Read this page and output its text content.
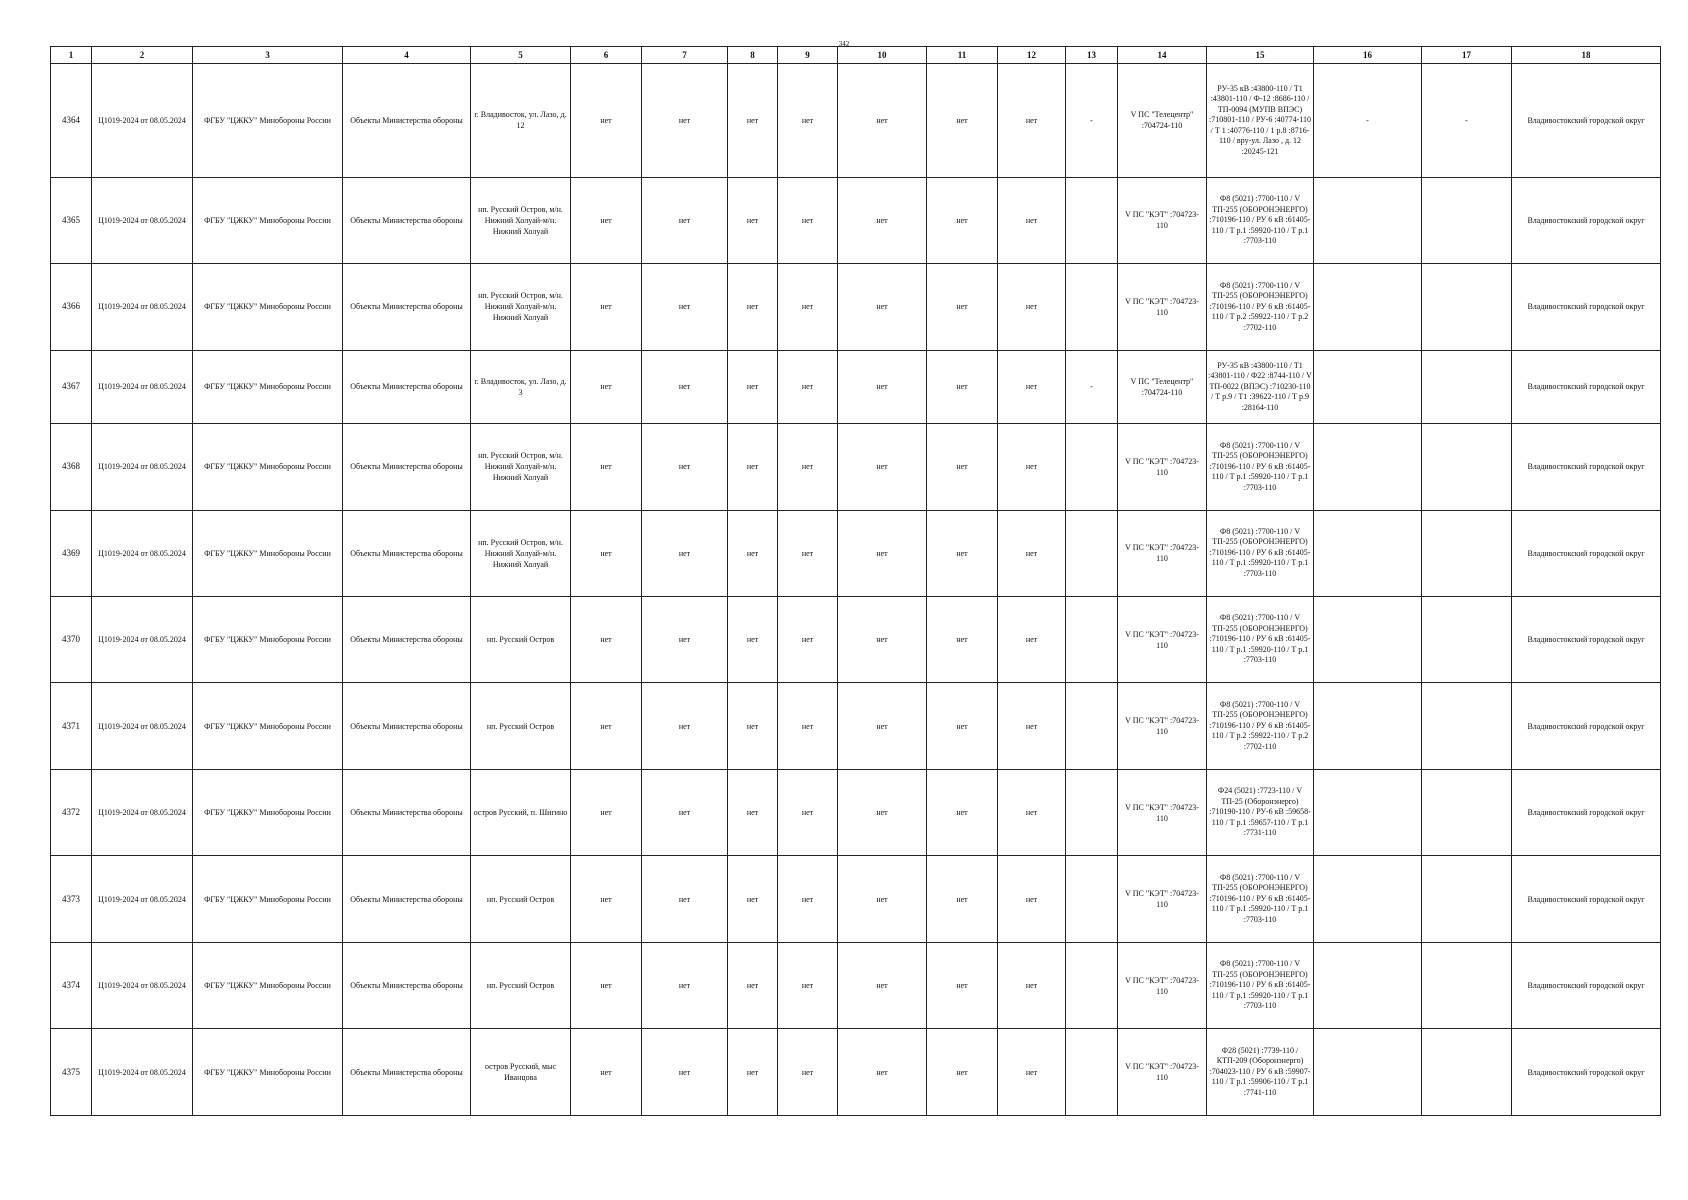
342
1	2	3	4	5	6	7	8	9	10	11	12	13	14	15	16	17	18
4364	Ц1019-2024 от 08.05.2024	ФГБУ "ЦЖКУ" Минобороны России	Объекты Министерства обороны	г. Владивосток, ул. Лазо, д. 12	нет	нет	нет	нет	нет	нет	нет	-	V ПС "Телецентр" :704724-110	РУ-35 кВ :43800-110 / Т1 :43801-110 / Ф-12 :8686-110 / ТП-0094 (МУПВ ВПЭС) :710801-110 / РУ-6 :40774-110 / Т 1 :40776-110 / 1 р.8 :8716-110 / вру-ул. Лазо , д. 12 :20245-121	-	-	Владивостокский городской округ
4365	Ц1019-2024 от 08.05.2024	ФГБУ "ЦЖКУ" Минобороны России	Объекты Министерства обороны	нп. Русский Остров, м/н. Нижний Холуай-м/н. Нижний Холуай	нет	нет	нет	нет	нет	нет	нет		V ПС "КЭТ" :704723-110	Ф8 (5021) :7700-110 / V ТП-255 (ОБОРОНЭНЕРГО) :710196-110 / РУ 6 кВ :61405-110 / Т р.1 :59920-110 / Т р.1 :7703-110			Владивостокский городской округ
4366	Ц1019-2024 от 08.05.2024	ФГБУ "ЦЖКУ" Минобороны России	Объекты Министерства обороны	нп. Русский Остров, м/н. Нижний Холуай-м/н. Нижний Холуай	нет	нет	нет	нет	нет	нет	нет		V ПС "КЭТ" :704723-110	Ф8 (5021) :7700-110 / V ТП-255 (ОБОРОНЭНЕРГО) :710196-110 / РУ 6 кВ :61405-110 / Т р.2 :59922-110 / Т р.2 :7702-110			Владивостокский городской округ
4367	Ц1019-2024 от 08.05.2024	ФГБУ "ЦЖКУ" Минобороны России	Объекты Министерства обороны	г. Владивосток, ул. Лазо, д. 3	нет	нет	нет	нет	нет	нет	нет	-	V ПС "Телецентр" :704724-110	РУ-35 кВ :43800-110 / Т1 :43801-110 / Ф22 :8744-110 / V ТП-0022 (ВПЭС) :710230-110 / Т р.9 / Т1 :39622-110 / Т р.9 :28164-110			Владивостокский городской округ
4368	Ц1019-2024 от 08.05.2024	ФГБУ "ЦЖКУ" Минобороны России	Объекты Министерства обороны	нп. Русский Остров, м/н. Нижний Холуай-м/н. Нижний Холуай	нет	нет	нет	нет	нет	нет	нет		V ПС "КЭТ" :704723-110	Ф8 (5021) :7700-110 / V ТП-255 (ОБОРОНЭНЕРГО) :710196-110 / РУ 6 кВ :61405-110 / Т р.1 :59920-110 / Т р.1 :7703-110			Владивостокский городской округ
4369	Ц1019-2024 от 08.05.2024	ФГБУ "ЦЖКУ" Минобороны России	Объекты Министерства обороны	нп. Русский Остров, м/н. Нижний Холуай-м/н. Нижний Холуай	нет	нет	нет	нет	нет	нет	нет		V ПС "КЭТ" :704723-110	Ф8 (5021) :7700-110 / V ТП-255 (ОБОРОНЭНЕРГО) :710196-110 / РУ 6 кВ :61405-110 / Т р.1 :59920-110 / Т р.1 :7703-110			Владивостокский городской округ
4370	Ц1019-2024 от 08.05.2024	ФГБУ "ЦЖКУ" Минобороны России	Объекты Министерства обороны	нп. Русский Остров	нет	нет	нет	нет	нет	нет	нет		V ПС "КЭТ" :704723-110	Ф8 (5021) :7700-110 / V ТП-255 (ОБОРОНЭНЕРГО) :710196-110 / РУ 6 кВ :61405-110 / Т р.1 :59920-110 / Т р.1 :7703-110			Владивостокский городской округ
4371	Ц1019-2024 от 08.05.2024	ФГБУ "ЦЖКУ" Минобороны России	Объекты Министерства обороны	нп. Русский Остров	нет	нет	нет	нет	нет	нет	нет		V ПС "КЭТ" :704723-110	Ф8 (5021) :7700-110 / V ТП-255 (ОБОРОНЭНЕРГО) :710196-110 / РУ 6 кВ :61405-110 / Т р.2 :59922-110 / Т р.2 :7702-110			Владивостокский городской округ
4372	Ц1019-2024 от 08.05.2024	ФГБУ "ЦЖКУ" Минобороны России	Объекты Министерства обороны	остров Русский, п. Шигино	нет	нет	нет	нет	нет	нет	нет		V ПС "КЭТ" :704723-110	Ф24 (5021) :7723-110 / V ТП-25 (Оборонэнерго) :710190-110 / РУ-6 кВ :59658-110 / Т р.1 :59657-110 / Т р.1 :7731-110			Владивостокский городской округ
4373	Ц1019-2024 от 08.05.2024	ФГБУ "ЦЖКУ" Минобороны России	Объекты Министерства обороны	нп. Русский Остров	нет	нет	нет	нет	нет	нет	нет		V ПС "КЭТ" :704723-110	Ф8 (5021) :7700-110 / V ТП-255 (ОБОРОНЭНЕРГО) :710196-110 / РУ 6 кВ :61405-110 / Т р.1 :59920-110 / Т р.1 :7703-110			Владивостокский городской округ
4374	Ц1019-2024 от 08.05.2024	ФГБУ "ЦЖКУ" Минобороны России	Объекты Министерства обороны	нп. Русский Остров	нет	нет	нет	нет	нет	нет	нет		V ПС "КЭТ" :704723-110	Ф8 (5021) :7700-110 / V ТП-255 (ОБОРОНЭНЕРГО) :710196-110 / РУ 6 кВ :61405-110 / Т р.1 :59920-110 / Т р.1 :7703-110			Владивостокский городской округ
4375	Ц1019-2024 от 08.05.2024	ФГБУ "ЦЖКУ" Минобороны России	Объекты Министерства обороны	остров Русский, мыс Иванцова	нет	нет	нет	нет	нет	нет	нет		V ПС "КЭТ" :704723-110	Ф28 (5021) :7739-110 / КТП-209 (Оборонэнерго) :704023-110 / РУ 6 кВ :59907-110 / Т р.1 :59906-110 / Т р.1 :7741-110			Владивостокский городской округ
